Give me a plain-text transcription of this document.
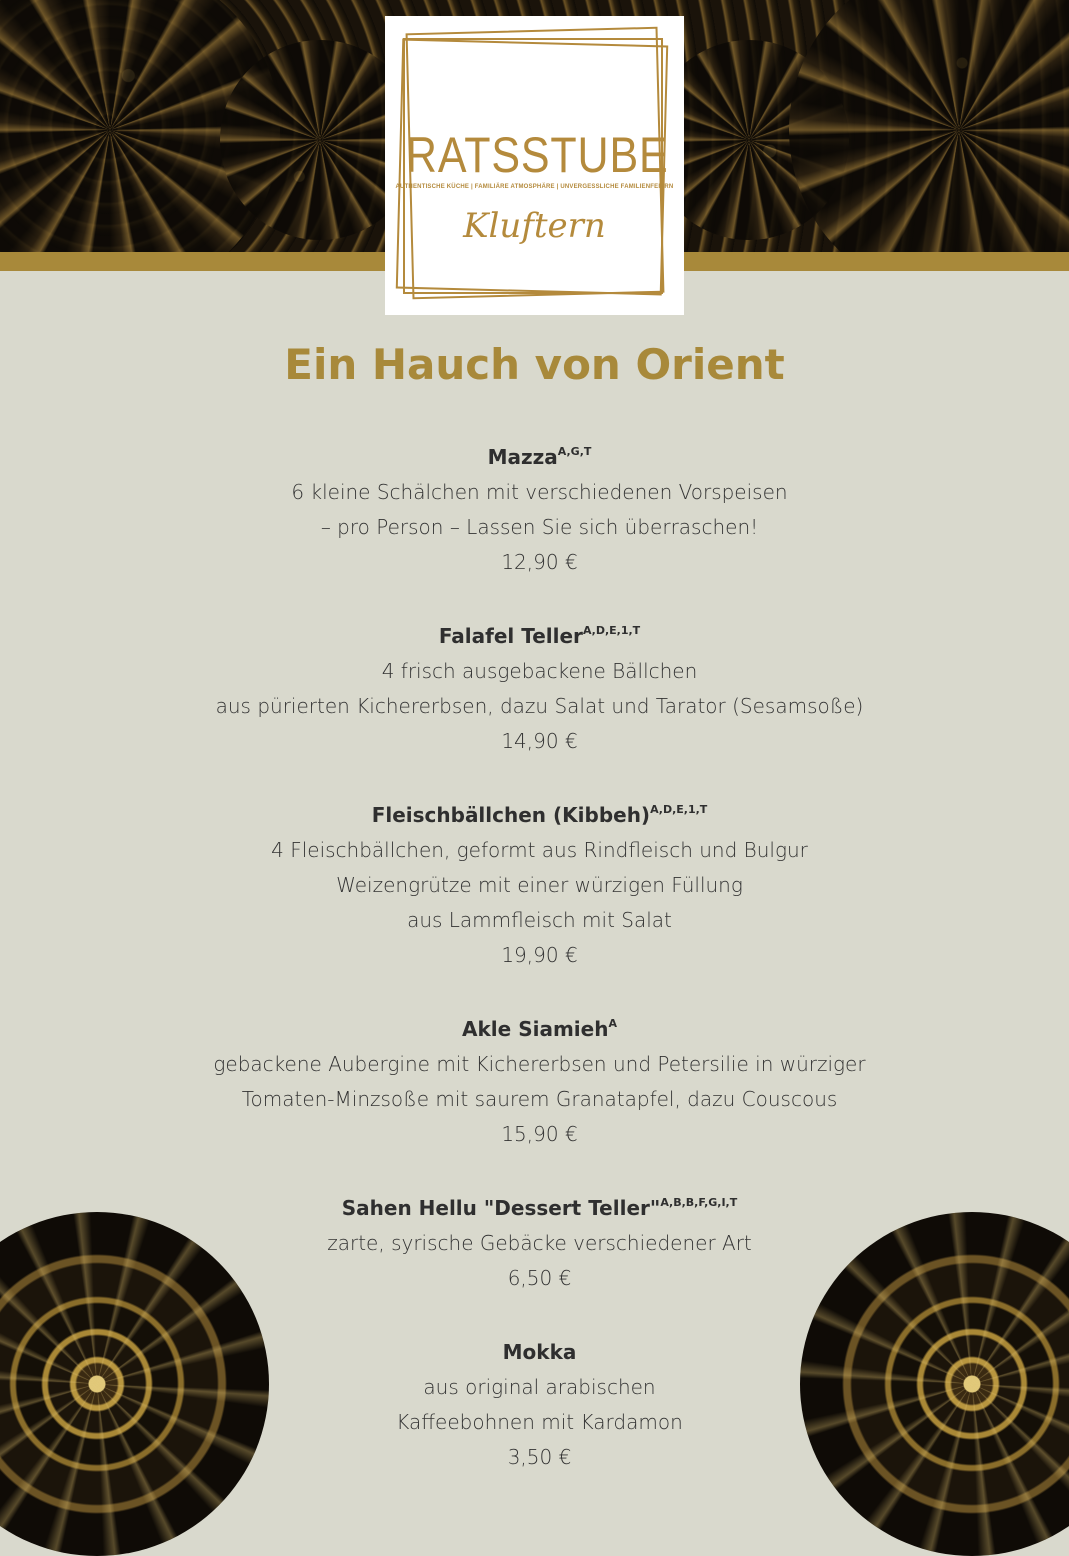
RATSSTUBE
AUTHENTISCHE KÜCHE | FAMILIÄRE ATMOSPHÄRE | UNVERGESSLICHE FAMILIENFEIERN
Kluftern
Ein Hauch von Orient
Mazza$^{A,G,T}$
6 kleine Schälchen mit verschiedenen Vorspeisen
– pro Person – Lassen Sie sich überraschen!
12,90 €
Falafel Teller$^{A,D,E,1,T}$
4 frisch ausgebackene Bällchen
aus pürierten Kichererbsen, dazu Salat und Tarator (Sesamsoße)
14,90 €
Fleischbällchen (Kibbeh)$^{A,D,E,1,T}$
4 Fleischbällchen, geformt aus Rindfleisch und Bulgur
Weizengrütze mit einer würzigen Füllung
aus Lammfleisch mit Salat
19,90 €
Akle Siamieh$^A$
gebackene Aubergine mit Kichererbsen und Petersilie in würziger
Tomaten-Minzsoße mit saurem Granatapfel, dazu Couscous
15,90 €
Sahen Hellu "Dessert Teller"$^{A,B,B,F,G,I,T}$
zarte, syrische Gebäcke verschiedener Art
6,50 €
Mokka
aus original arabischen
Kaffeebohnen mit Kardamon
3,50 €
